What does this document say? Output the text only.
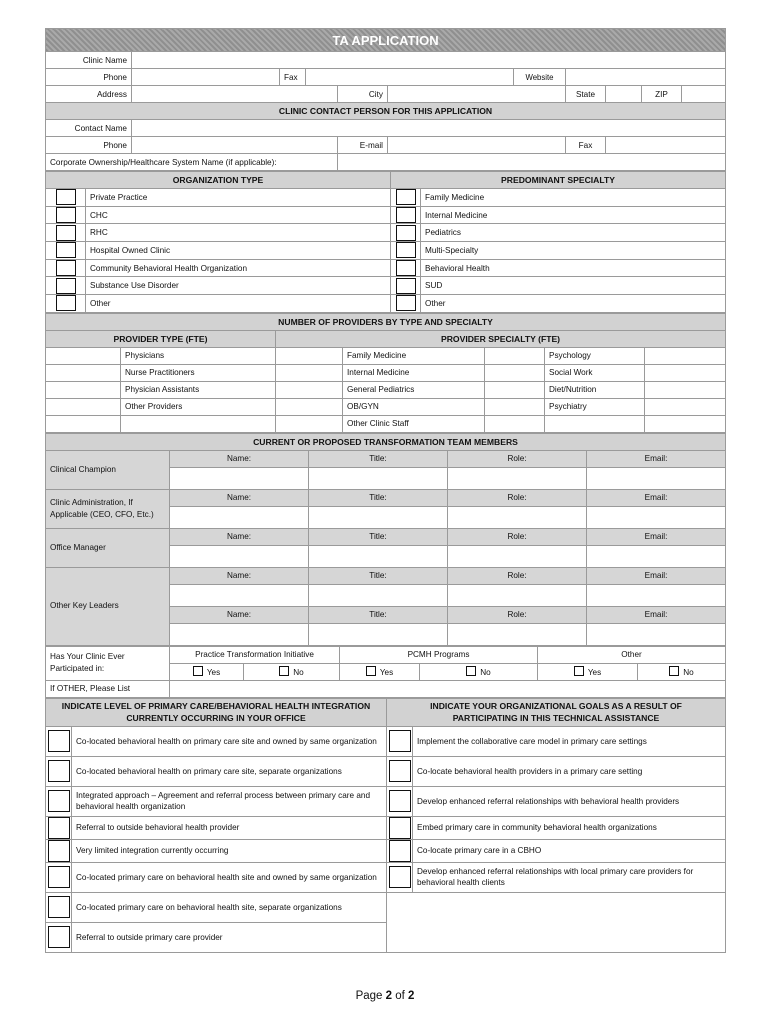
TA APPLICATION										
Clinic Name										
Phone		Fax				Website				
Address				City			State		ZIP	
CLINIC CONTACT PERSON FOR THIS APPLICATION										
Contact Name										
Phone				E-mail			Fax			
Corporate Ownership/Healthcare System Name (if applicable):										
ORGANIZATION TYPE		PREDOMINANT SPECIALTY	
	Private Practice		Family Medicine
	CHC		Internal Medicine
	RHC		Pediatrics
	Hospital Owned Clinic		Multi-Specialty
	Community Behavioral Health Organization		Behavioral Health
	Substance Use Disorder		SUD
	Other		Other
NUMBER OF PROVIDERS BY TYPE AND SPECIALTY						
PROVIDER TYPE (FTE)		PROVIDER SPECIALTY (FTE)				
	Physicians		Family Medicine		Psychology	
	Nurse Practitioners		Internal Medicine		Social Work	
	Physician Assistants		General Pediatrics		Diet/Nutrition	
	Other Providers		OB/GYN		Psychiatry	
			Other Clinic Staff			
CURRENT OR PROPOSED TRANSFORMATION TEAM MEMBERS				
Clinical Champion	Name:	Title:	Role:	Email:

Clinic Administration, If Applicable (CEO, CFO, Etc.)	Name:	Title:	Role:	Email:

Office Manager	Name:	Title:	Role:	Email:

Other Key Leaders	Name:	Title:	Role:	Email:

	Name:	Title:	Role:	Email:

Has Your Clinic Ever Participated in:	Practice Transformation Initiative		PCMH Programs		Other	
	Yes	No	Yes	No	Yes	No
If OTHER, Please List						
INDICATE LEVEL OF PRIMARY CARE/BEHAVIORAL HEALTH INTEGRATION CURRENTLY OCCURRING IN YOUR OFFICE		INDICATE YOUR ORGANIZATIONAL GOALS AS A RESULT OF PARTICIPATING IN THIS TECHNICAL ASSISTANCE	
	Co-located behavioral health on primary care site and owned by same organization		Implement the collaborative care model in primary care settings
	Co-located behavioral health on primary care site, separate organizations		Co-locate behavioral health providers in a primary care setting
	Integrated approach – Agreement and referral process between primary care and behavioral health organization		Develop enhanced referral relationships with behavioral health providers
	Referral to outside behavioral health provider		Embed primary care in community behavioral health organizations
	Very limited integration currently occurring		Co-locate primary care in a CBHO
	Co-located primary care on behavioral health site and owned by same organization		Develop enhanced referral relationships with local primary care providers for behavioral health clients
	Co-located primary care on behavioral health site, separate organizations		
	Referral to outside primary care provider		
Page 2 of 2
